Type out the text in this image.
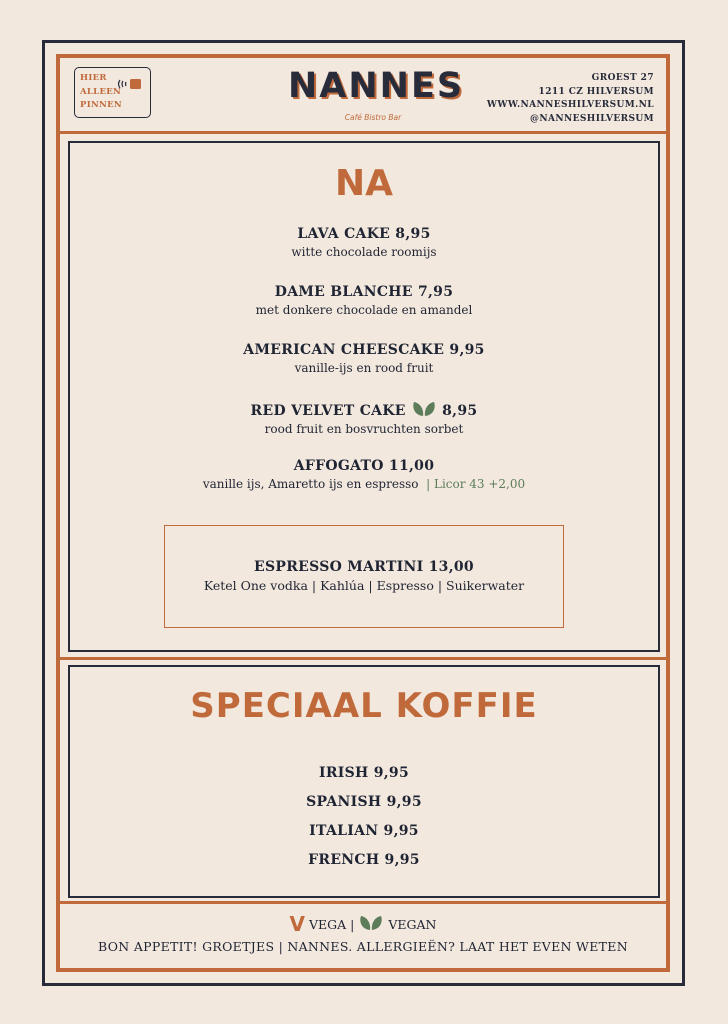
HIER
ALLEEN
PINNEN	NANNES
Café Bistro Bar
GROEST 27
1211 CZ HILVERSUM
WWW.NANNESHILVERSUM.NL
@NANNESHILVERSUM
NA
LAVA CAKE 8,95
witte chocolade roomijs
DAME BLANCHE 7,95
met donkere chocolade en amandel
AMERICAN CHEESCAKE 9,95
vanille-ijs en rood fruit
RED VELVET CAKE	8,95
rood fruit en bosvruchten sorbet
AFFOGATO 11,00
vanille ijs, Amaretto ijs en espresso  | Licor 43 +2,00
ESPRESSO MARTINI 13,00
Ketel One vodka | Kahlúa | Espresso | Suikerwater
SPECIAAL KOFFIE
IRISH 9,95
SPANISH 9,95
ITALIAN 9,95
FRENCH 9,95
V VEGA |	VEGAN
BON APPETIT! GROETJES | NANNES. ALLERGIEËN? LAAT HET EVEN WETEN
